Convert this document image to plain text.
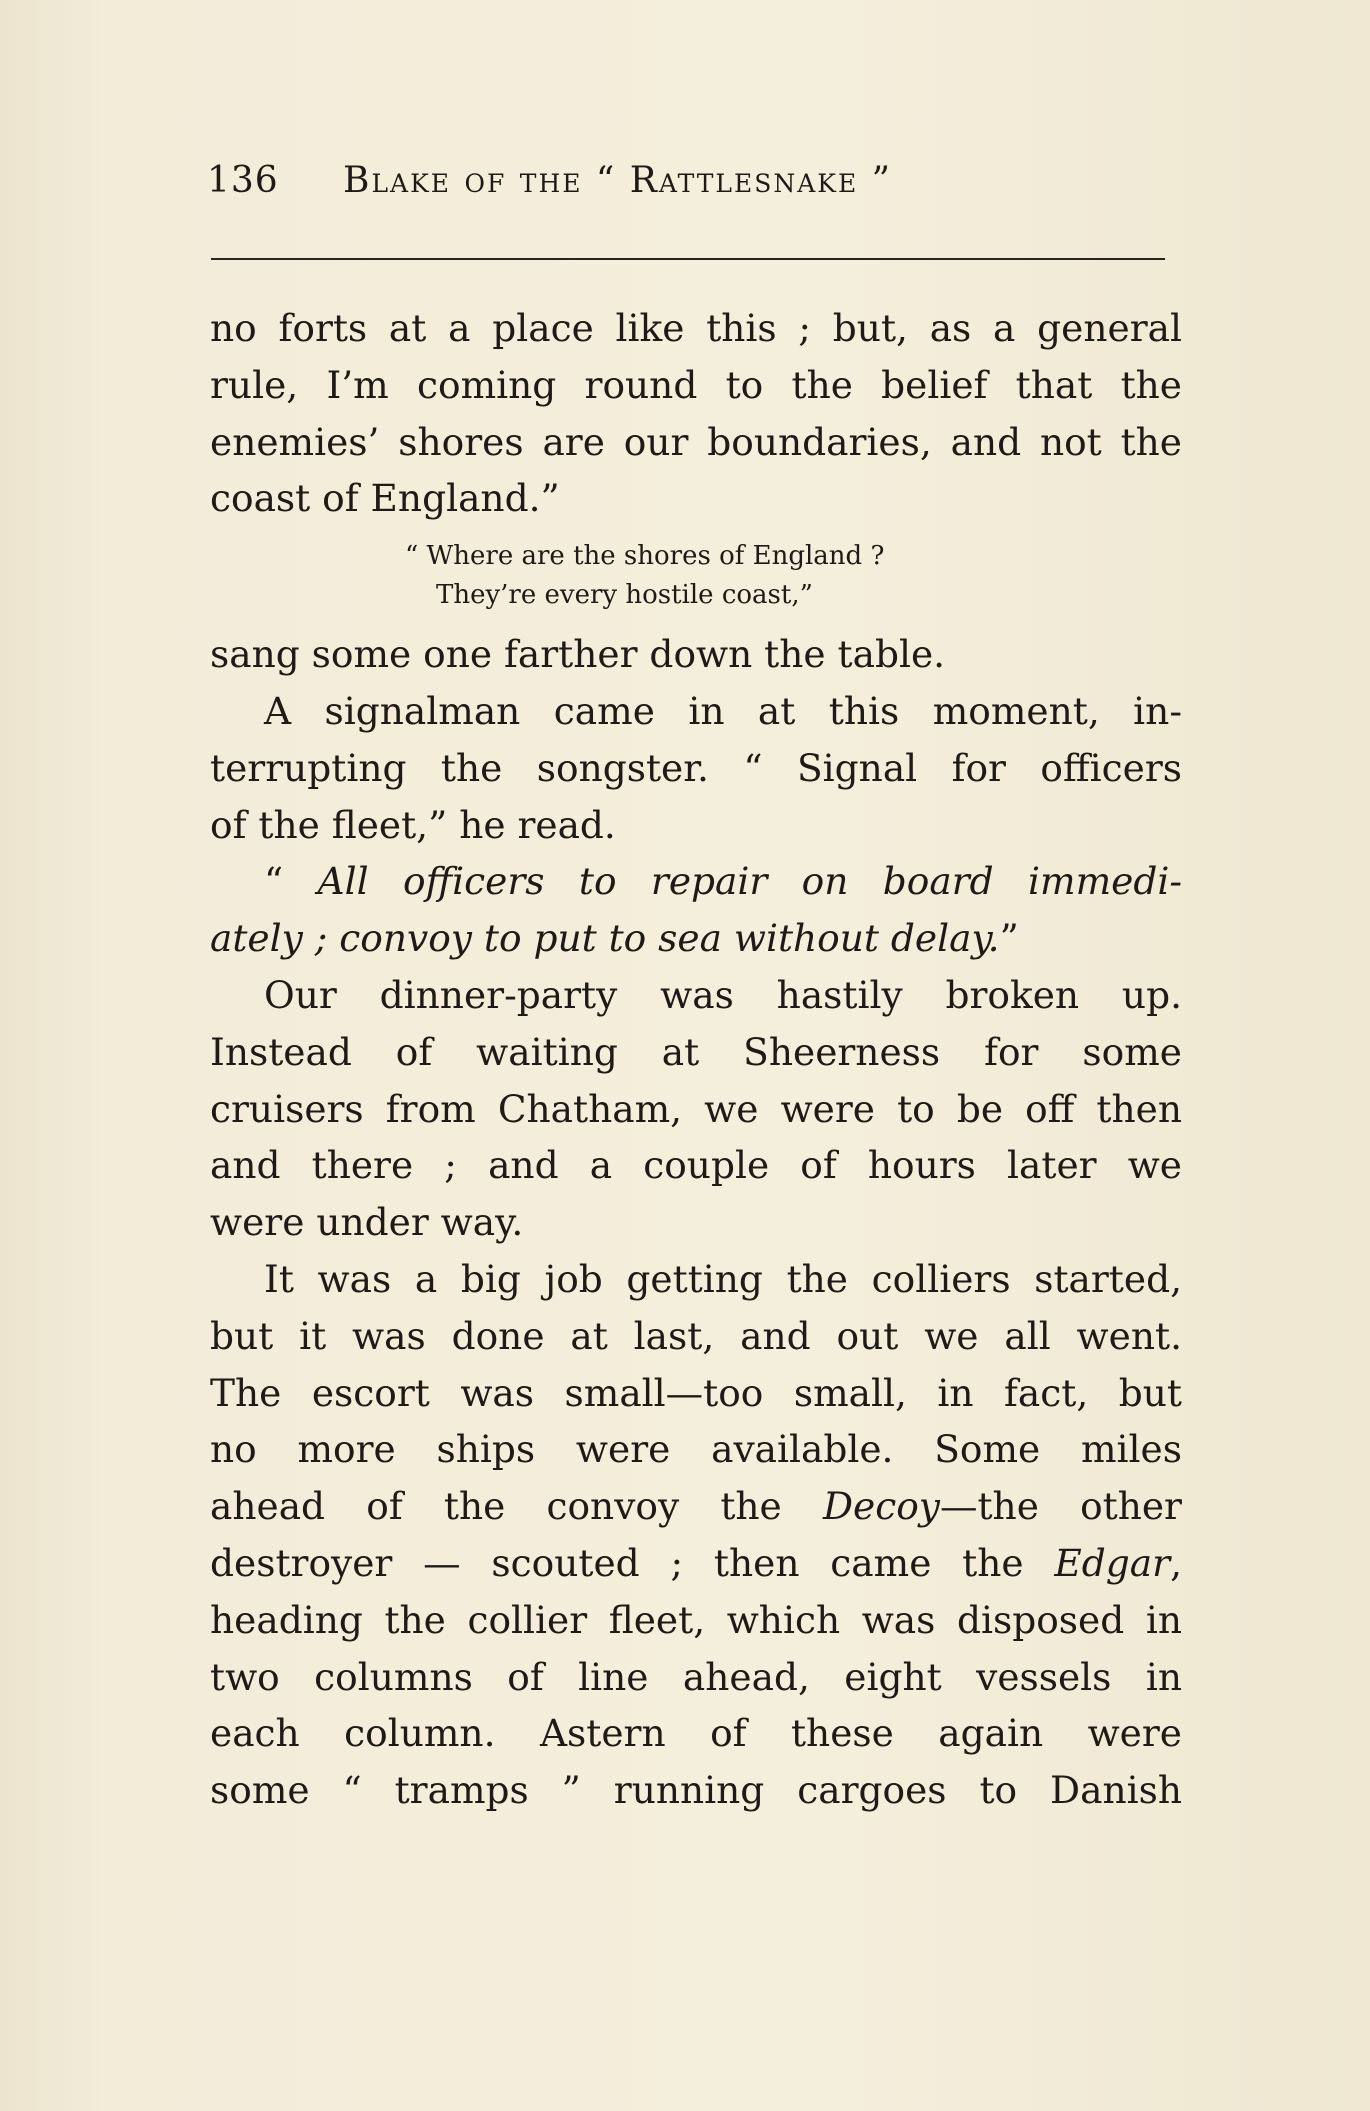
136 Blake of the “ Rattlesnake ”
no forts at a place like this ; but, as a general
rule, I’m coming round to the belief that the
enemies’ shores are our boundaries, and not the
coast of England.”
“ Where are the shores of England ?
They’re every hostile coast,”
sang some one farther down the table.
A signalman came in at this moment, in-
terrupting the songster. “ Signal for officers
of the fleet,” he read.
“ All officers to repair on board immedi-
ately ; convoy to put to sea without delay.”
Our dinner-party was hastily broken up.
Instead of waiting at Sheerness for some
cruisers from Chatham, we were to be off then
and there ; and a couple of hours later we
were under way.
It was a big job getting the colliers started,
but it was done at last, and out we all went.
The escort was small—too small, in fact, but
no more ships were available. Some miles
ahead of the convoy the Decoy—the other
destroyer — scouted ; then came the Edgar,
heading the collier fleet, which was disposed in
two columns of line ahead, eight vessels in
each column. Astern of these again were
some “ tramps ” running cargoes to Danish
